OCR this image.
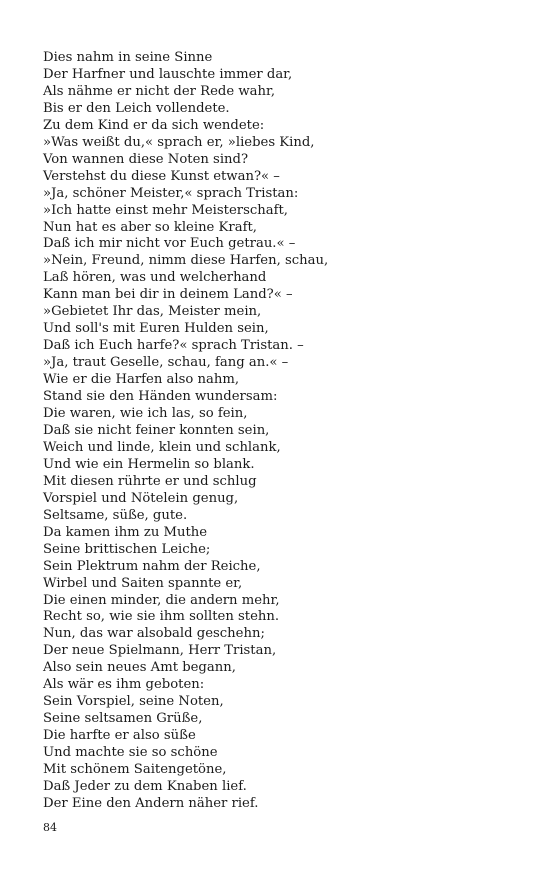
Dies nahm in seine Sinne
Der Harfner und lauschte immer dar,
Als nähme er nicht der Rede wahr,
Bis er den Leich vollendete.
Zu dem Kind er da sich wendete:
»Was weißt du,« sprach er, »liebes Kind,
Von wannen diese Noten sind?
Verstehst du diese Kunst etwan?« –
»Ja, schöner Meister,« sprach Tristan:
»Ich hatte einst mehr Meisterschaft,
Nun hat es aber so kleine Kraft,
Daß ich mir nicht vor Euch getrau.« –
»Nein, Freund, nimm diese Harfen, schau,
Laß hören, was und welcherhand
Kann man bei dir in deinem Land?« –
»Gebietet Ihr das, Meister mein,
Und soll's mit Euren Hulden sein,
Daß ich Euch harfe?« sprach Tristan. –
»Ja, traut Geselle, schau, fang an.« –
Wie er die Harfen also nahm,
Stand sie den Händen wundersam:
Die waren, wie ich las, so fein,
Daß sie nicht feiner konnten sein,
Weich und linde, klein und schlank,
Und wie ein Hermelin so blank.
Mit diesen rührte er und schlug
Vorspiel und Nötelein genug,
Seltsame, süße, gute.
Da kamen ihm zu Muthe
Seine brittischen Leiche;
Sein Plektrum nahm der Reiche,
Wirbel und Saiten spannte er,
Die einen minder, die andern mehr,
Recht so, wie sie ihm sollten stehn.
Nun, das war alsobald geschehn;
Der neue Spielmann, Herr Tristan,
Also sein neues Amt begann,
Als wär es ihm geboten:
Sein Vorspiel, seine Noten,
Seine seltsamen Grüße,
Die harfte er also süße
Und machte sie so schöne
Mit schönem Saitengetöne,
Daß Jeder zu dem Knaben lief.
Der Eine den Andern näher rief.
84
